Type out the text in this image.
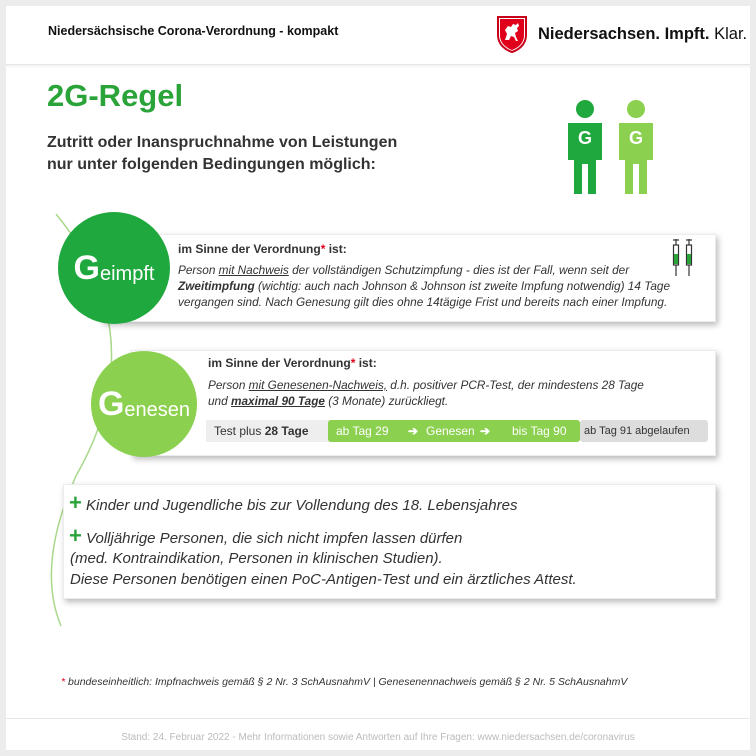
Niedersächsische Corona-Verordnung - kompakt	Niedersachsen. Impft. Klar.
2G-Regel
Zutritt oder Inanspruchnahme von Leistungen
nur unter folgenden Bedingungen möglich:
G	G
im Sinne der Verordnung* ist:
Person mit Nachweis der vollständigen Schutzimpfung - dies ist der Fall, wenn seit der
Zweitimpfung (wichtig: auch nach Johnson & Johnson ist zweite Impfung notwendig) 14 Tage
vergangen sind. Nach Genesung gilt dies ohne 14tägige Frist und bereits nach einer Impfung.
G eimpft
im Sinne der Verordnung* ist:
Person mit Genesenen-Nachweis, d.h. positiver PCR-Test, der mindestens 28 Tage
und maximal 90 Tage (3 Monate) zurückliegt.
Test plus 28 Tage	ab Tag 29 ➔ Genesen ➔ bis Tag 90	ab Tag 91 abgelaufen
G enesen
+ Kinder und Jugendliche bis zur Vollendung des 18. Lebensjahres
+ Volljährige Personen, die sich nicht impfen lassen dürfen
(med. Kontraindikation, Personen in klinischen Studien).
Diese Personen benötigen einen PoC-Antigen-Test und ein ärztliches Attest.
* bundeseinheitlich: Impfnachweis gemäß § 2 Nr. 3 SchAusnahmV | Genesenennachweis gemäß § 2 Nr. 5 SchAusnahmV
Stand: 24. Februar 2022 - Mehr Informationen sowie Antworten auf Ihre Fragen: www.niedersachsen.de/coronavirus
